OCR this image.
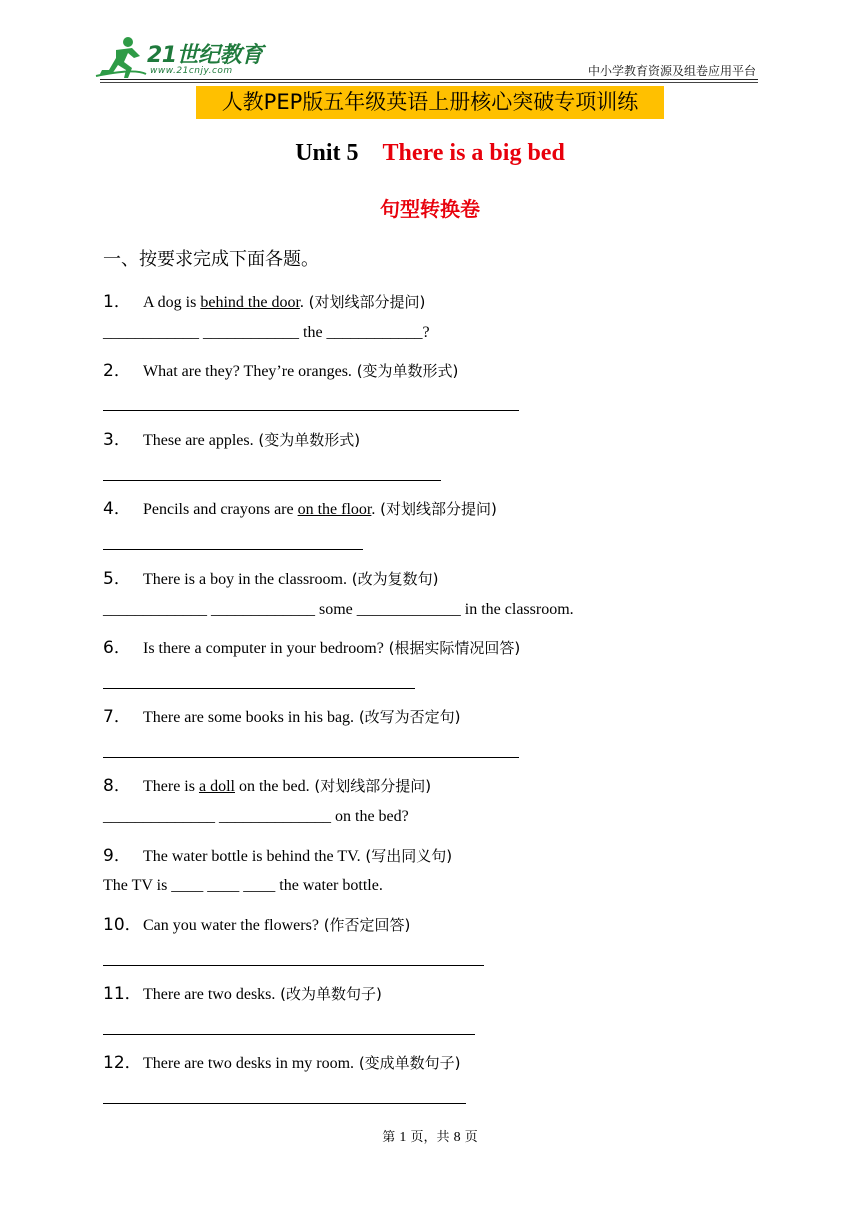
21世纪教育
www.21cnjy.com	中小学教育资源及组卷应用平台
人教PEP版五年级英语上册核心突破专项训练
Unit 5 There is a big bed
句型转换卷
一、按要求完成下面各题。
1． A dog is behind the door. (对划线部分提问)
____________ ____________ the ____________?
2． What are they? They’re oranges. (变为单数形式)
3． These are apples. (变为单数形式)
4． Pencils and crayons are on the floor. (对划线部分提问)
5． There is a boy in the classroom. (改为复数句)
_____________ _____________ some _____________ in the classroom.
6． Is there a computer in your bedroom? (根据实际情况回答)
7． There are some books in his bag. (改写为否定句)
8． There is a doll on the bed. (对划线部分提问)
______________ ______________ on the bed?
9． The water bottle is behind the TV. (写出同义句)
The TV is ____ ____ ____ the water bottle.
10．Can you water the flowers? (作否定回答)
11．There are two desks. (改为单数句子)
12．There are two desks in my room. (变成单数句子)
第 1 页，共 8 页
